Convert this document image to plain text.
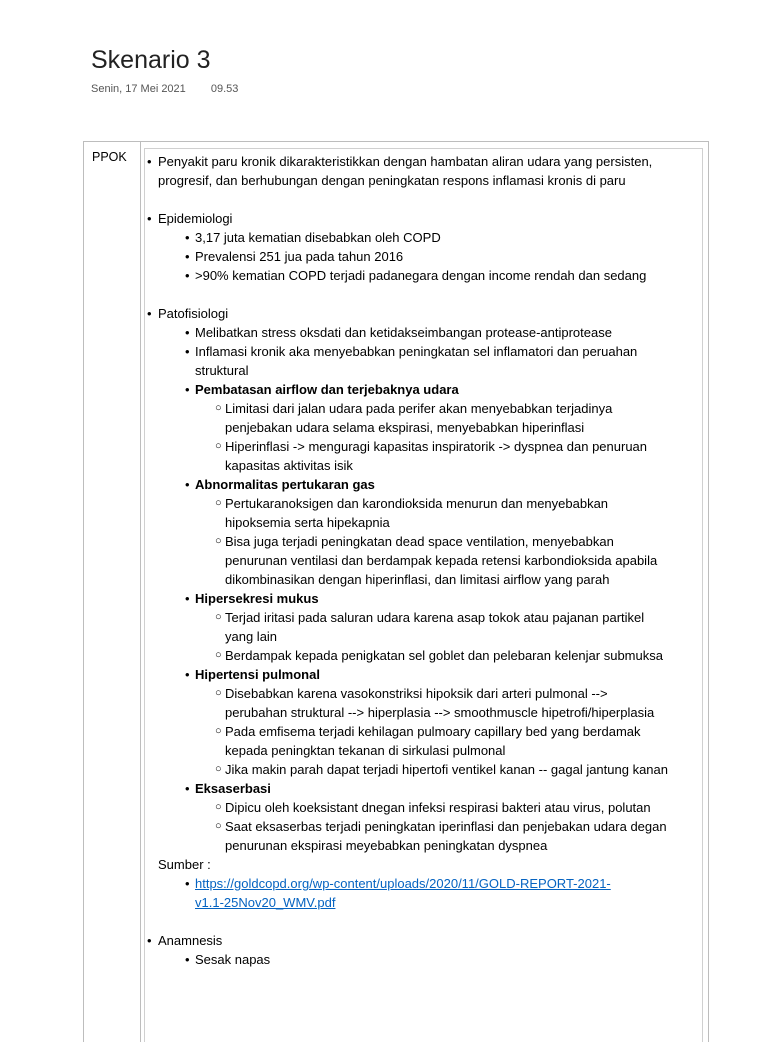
Skenario 3
Senin, 17 Mei 2021 09.53
PPOK • Penyakit paru kronik dikarakteristikkan dengan hambatan aliran udara yang persisten,
progresif, dan berhubungan dengan peningkatan respons inflamasi kronis di paru
• Epidemiologi
• 3,17 juta kematian disebabkan oleh COPD
• Prevalensi 251 jua pada tahun 2016
• >90% kematian COPD terjadi padanegara dengan income rendah dan sedang
• Patofisiologi
• Melibatkan stress oksdati dan ketidakseimbangan protease-antiprotease
• Inflamasi kronik aka menyebabkan peningkatan sel inflamatori dan peruahan
struktural
• Pembatasan airflow dan terjebaknya udara
○ Limitasi dari jalan udara pada perifer akan menyebabkan terjadinya
penjebakan udara selama ekspirasi, menyebabkan hiperinflasi
○ Hiperinflasi -> menguragi kapasitas inspiratorik -> dyspnea dan penuruan
kapasitas aktivitas isik
• Abnormalitas pertukaran gas
○ Pertukaranoksigen dan karondioksida menurun dan menyebabkan
hipoksemia serta hipekapnia
○ Bisa juga terjadi peningkatan dead space ventilation, menyebabkan
penurunan ventilasi dan berdampak kepada retensi karbondioksida apabila
dikombinasikan dengan hiperinflasi, dan limitasi airflow yang parah
• Hipersekresi mukus
○ Terjad iritasi pada saluran udara karena asap tokok atau pajanan partikel
yang lain
○ Berdampak kepada penigkatan sel goblet dan pelebaran kelenjar submuksa
• Hipertensi pulmonal
○ Disebabkan karena vasokonstriksi hipoksik dari arteri pulmonal -->
perubahan struktural --> hiperplasia --> smoothmuscle hipetrofi/hiperplasia
○ Pada emfisema terjadi kehilagan pulmoary capillary bed yang berdamak
kepada peningktan tekanan di sirkulasi pulmonal
○ Jika makin parah dapat terjadi hipertofi ventikel kanan -- gagal jantung kanan
• Eksaserbasi
○ Dipicu oleh koeksistant dnegan infeksi respirasi bakteri atau virus, polutan
○ Saat eksaserbas terjadi peningkatan iperinflasi dan penjebakan udara degan
penurunan ekspirasi meyebabkan peningkatan dyspnea
Sumber :
• https://goldcopd.org/wp-content/uploads/2020/11/GOLD-REPORT-2021-
v1.1-25Nov20_WMV.pdf
• Anamnesis
• Sesak napas
